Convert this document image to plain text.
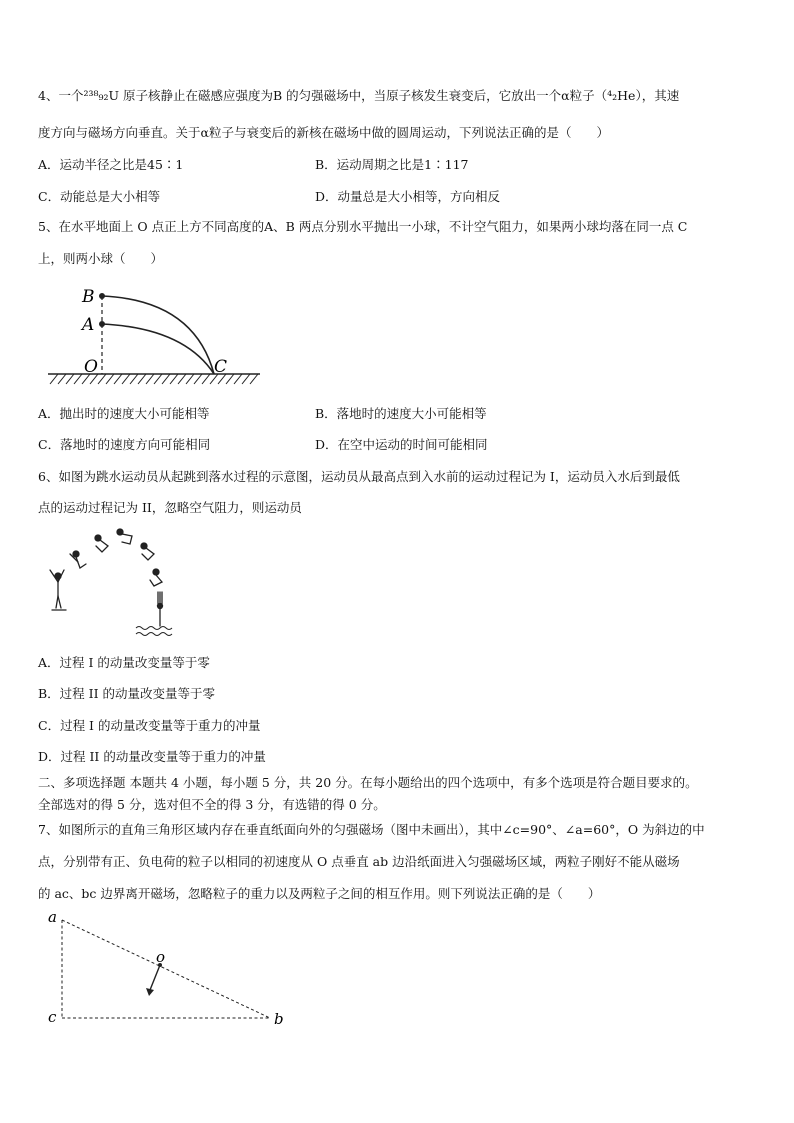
4、一个²³⁸₉₂U 原子核静止在磁感应强度为B 的匀强磁场中，当原子核发生衰变后，它放出一个α粒子（⁴₂He），其速
度方向与磁场方向垂直。关于α粒子与衰变后的新核在磁场中做的圆周运动，下列说法正确的是（　　）
A．运动半径之比是45∶1	B．运动周期之比是1∶117
C．动能总是大小相等	D．动量总是大小相等，方向相反
5、在水平地面上 O 点正上方不同高度的A、B 两点分别水平抛出一小球，不计空气阻力，如果两小球均落在同一点 C
上，则两小球（　　）
B
A
O	C
A．抛出时的速度大小可能相等	B．落地时的速度大小可能相等
C．落地时的速度方向可能相同	D．在空中运动的时间可能相同
6、如图为跳水运动员从起跳到落水过程的示意图，运动员从最高点到入水前的运动过程记为 I，运动员入水后到最低
点的运动过程记为 II，忽略空气阻力，则运动员
A．过程 I 的动量改变量等于零
B．过程 II 的动量改变量等于零
C．过程 I 的动量改变量等于重力的冲量
D．过程 II 的动量改变量等于重力的冲量
二、多项选择题 本题共 4 小题，每小题 5 分，共 20 分。在每小题给出的四个选项中，有多个选项是符合题目要求的。
全部选对的得 5 分，选对但不全的得 3 分，有选错的得 0 分。
7、如图所示的直角三角形区域内存在垂直纸面向外的匀强磁场（图中未画出），其中∠c=90°、∠a=60°，O 为斜边的中
点，分别带有正、负电荷的粒子以相同的初速度从 O 点垂直 ab 边沿纸面进入匀强磁场区域，两粒子刚好不能从磁场
的 ac、bc 边界离开磁场，忽略粒子的重力以及两粒子之间的相互作用。则下列说法正确的是（　　）
a
c	b
o
